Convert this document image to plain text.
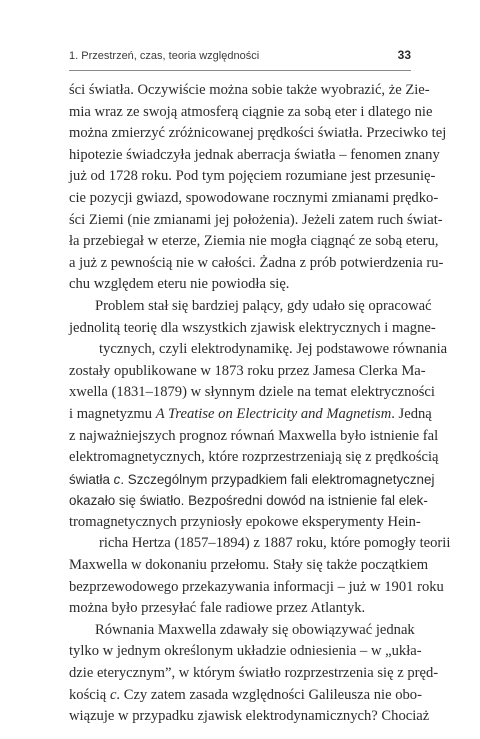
1. Przestrzeń, czas, teoria względności	33
ści światła. Oczywiście można sobie także wyobrazić, że Zie-
mia wraz ze swoją atmosferą ciągnie za sobą eter i dlatego nie
można zmierzyć zróżnicowanej prędkości światła. Przeciwko tej
hipotezie świadczyła jednak aberracja światła – fenomen znany
już od 1728 roku. Pod tym pojęciem rozumiane jest przesunię-
cie pozycji gwiazd, spowodowane rocznymi zmianami prędko-
ści Ziemi (nie zmianami jej położenia). Jeżeli zatem ruch świat-
ła przebiegał w eterze, Ziemia nie mogła ciągnąć ze sobą eteru,
a już z pewnością nie w całości. Żadna z prób potwierdzenia ru-
chu względem eteru nie powiodła się.
Problem stał się bardziej palący, gdy udało się opracować
jednolitą teorię dla wszystkich zjawisk elektrycznych i magne-
tycznych, czyli elektrodynamikę. Jej podstawowe równania
zostały opublikowane w 1873 roku przez Jamesa Clerka Ma-
xwella (1831–1879) w słynnym dziele na temat elektryczności
i magnetyzmu A Treatise on Electricity and Magnetism. Jedną
z najważniejszych prognoz równań Maxwella było istnienie fal
elektromagnetycznych, które rozprzestrzeniają się z prędkością
światła c. Szczególnym przypadkiem fali elektromagnetycznej
okazało się światło. Bezpośredni dowód na istnienie fal elek-
tromagnetycznych przyniosły epokowe eksperymenty Hein-
richa Hertza (1857–1894) z 1887 roku, które pomogły teorii
Maxwella w dokonaniu przełomu. Stały się także początkiem
bezprzewodowego przekazywania informacji – już w 1901 roku
można było przesyłać fale radiowe przez Atlantyk.
Równania Maxwella zdawały się obowiązywać jednak
tylko w jednym określonym układzie odniesienia – w „ukła-
dzie eterycznym”, w którym światło rozprzestrzenia się z pręd-
kością c. Czy zatem zasada względności Galileusza nie obo-
wiązuje w przypadku zjawisk elektrodynamicznych? Chociaż
